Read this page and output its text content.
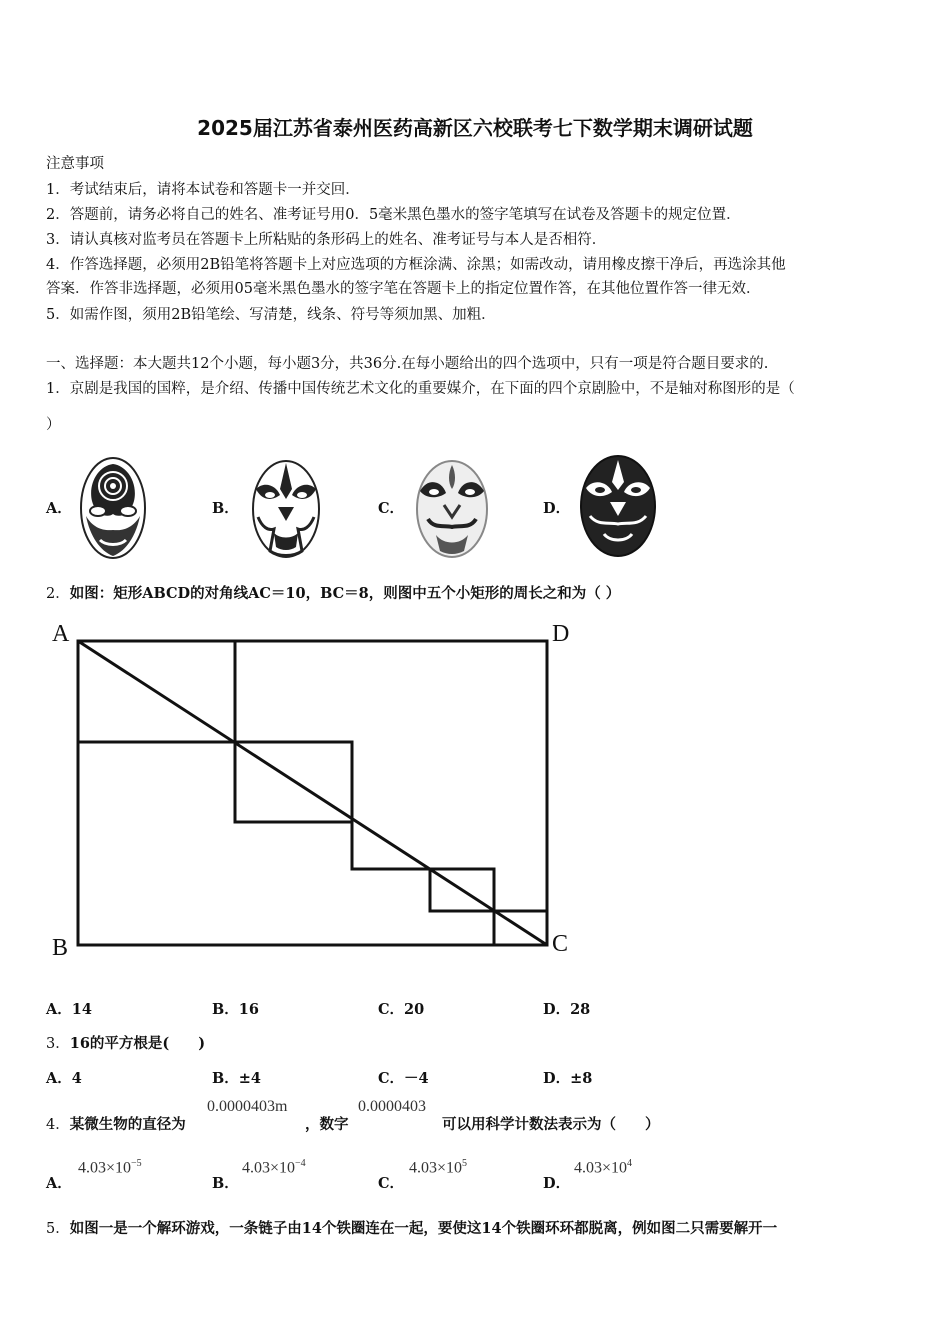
2025届江苏省泰州医药高新区六校联考七下数学期末调研试题
注意事项
1．考试结束后，请将本试卷和答题卡一并交回．
2．答题前，请务必将自己的姓名、准考证号用0．5毫米黑色墨水的签字笔填写在试卷及答题卡的规定位置．
3．请认真核对监考员在答题卡上所粘贴的条形码上的姓名、准考证号与本人是否相符．
4．作答选择题，必须用2B铅笔将答题卡上对应选项的方框涂满、涂黑；如需改动，请用橡皮擦干净后，再选涂其他
答案．作答非选择题，必须用05毫米黑色墨水的签字笔在答题卡上的指定位置作答，在其他位置作答一律无效．
5．如需作图，须用2B铅笔绘、写清楚，线条、符号等须加黑、加粗．
一、选择题：本大题共12个小题，每小题3分，共36分.在每小题给出的四个选项中，只有一项是符合题目要求的.
1．京剧是我国的国粹，是介绍、传播中国传统艺术文化的重要媒介，在下面的四个京剧脸中，不是轴对称图形的是（
）
A．	B．	C．	D．
2．如图：矩形ABCD的对角线AC＝10，BC＝8，则图中五个小矩形的周长之和为（ ）
A	D
B	C
A．14	B．16	C．20	D．28
3．16的平方根是(　　)
A．4	B．±4	C．－4	D．±8
4．某微生物的直径为
0.0000403m
，数字
0.0000403
可以用科学计数法表示为（　　）
A．
$4.03\times 10^{-5}$
B．
$4.03\times 10^{-4}$
C．
$4.03\times 10^5$
D．
$4.03\times 10^4$
5．如图一是一个解环游戏，一条链子由14个铁圈连在一起，要使这14个铁圈环环都脱离，例如图二只需要解开一
